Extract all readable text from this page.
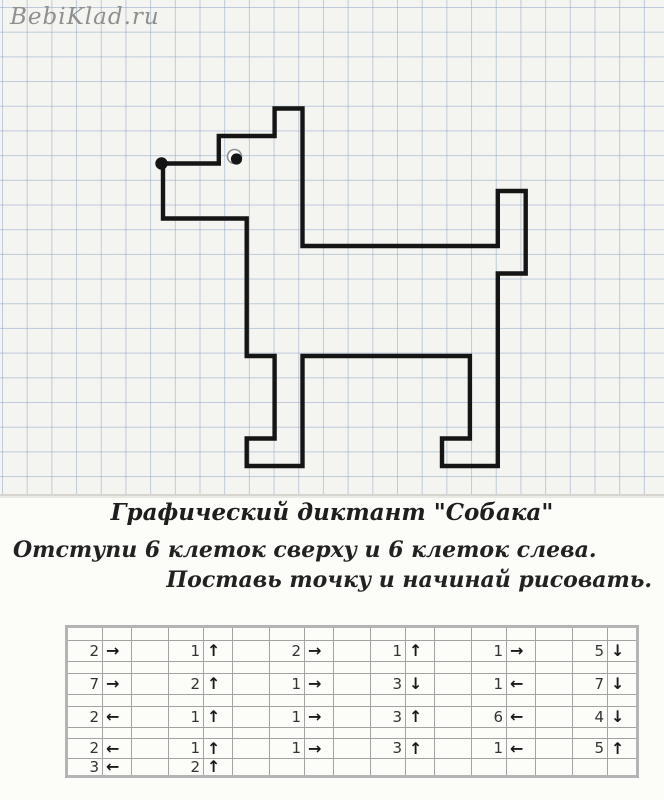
BebiKlad.ru
Графический диктант "Собака"
Отступи 6 клеток сверху и 6 клеток слева.
Поставь точку и начинай рисовать.

2	→		1	↑		2	→		1	↑		1	→		5	↓

7	→		2	↑		1	→		3	↓		1	←		7	↓

2	←		1	↑		1	→		3	↑		6	←		4	↓

2	←		1	↑		1	→		3	↑		1	←		5	↑
3	←		2	↑												
